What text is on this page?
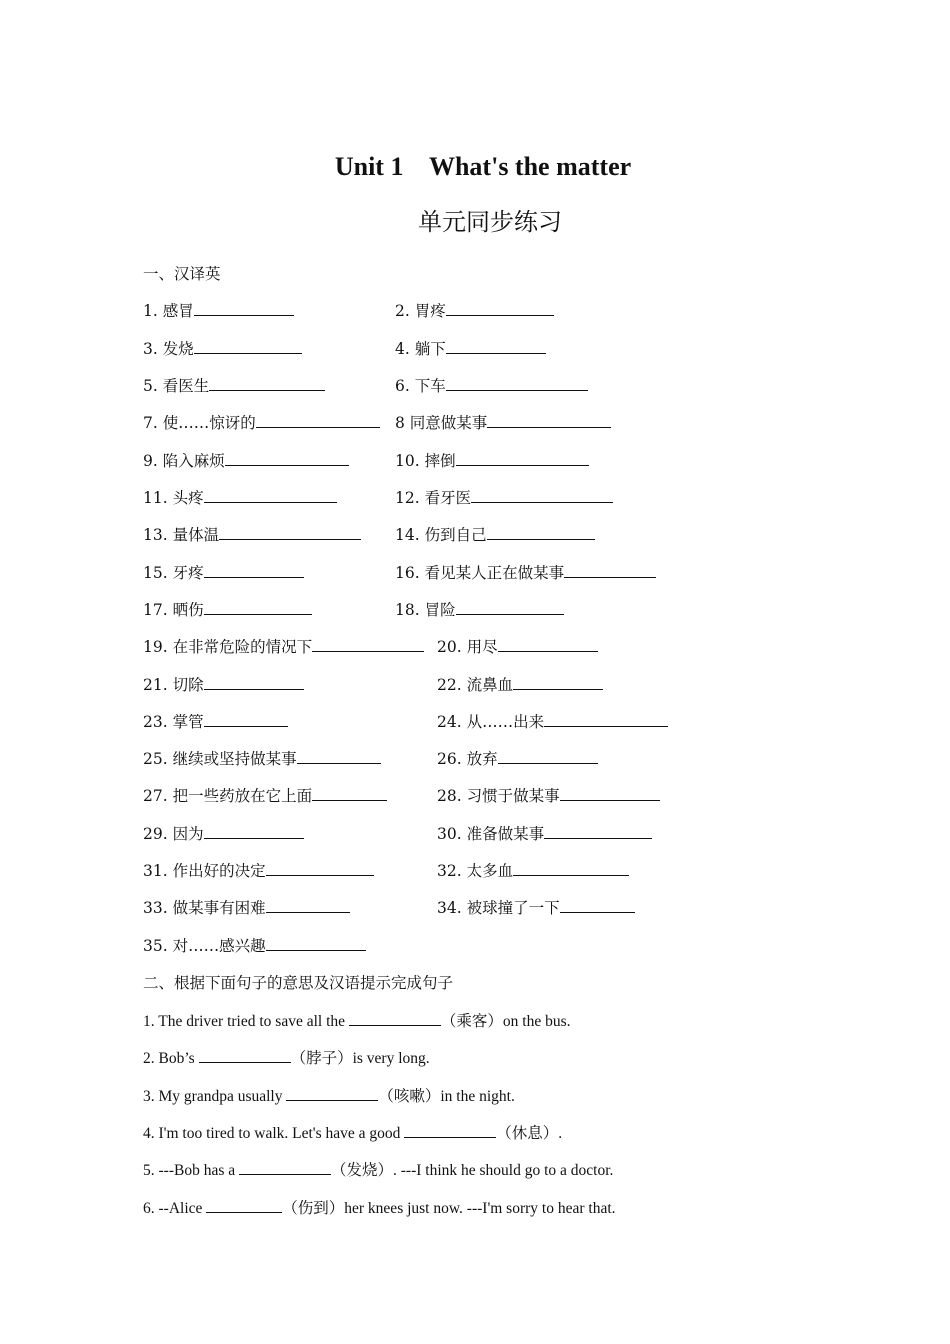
Unit 1    What's the matter
单元同步练习
一、汉译英
1. 感冒	2. 胃疼
3. 发烧	4. 躺下
5. 看医生	6. 下车
7. 使……惊讶的	8 同意做某事
9. 陷入麻烦	10. 摔倒
11. 头疼	12. 看牙医
13. 量体温	14. 伤到自己
15. 牙疼	16. 看见某人正在做某事
17. 晒伤	18. 冒险
19. 在非常危险的情况下	20. 用尽
21. 切除	22. 流鼻血
23. 掌管	24. 从……出来
25. 继续或坚持做某事	26. 放弃
27. 把一些药放在它上面	28. 习惯于做某事
29. 因为	30. 准备做某事
31. 作出好的决定	32. 太多血
33. 做某事有困难	34. 被球撞了一下
35. 对……感兴趣
二、根据下面句子的意思及汉语提示完成句子
1. The driver tried to save all the	（乘客）on the bus.
2. Bob’s	（脖子）is very long.
3. My grandpa usually	（咳嗽）in the night.
4. I'm too tired to walk. Let's have a good	（休息）.
5. ---Bob has a	（发烧）. ---I think he should go to a doctor.
6. --Alice	（伤到）her knees just now. ---I'm sorry to hear that.
